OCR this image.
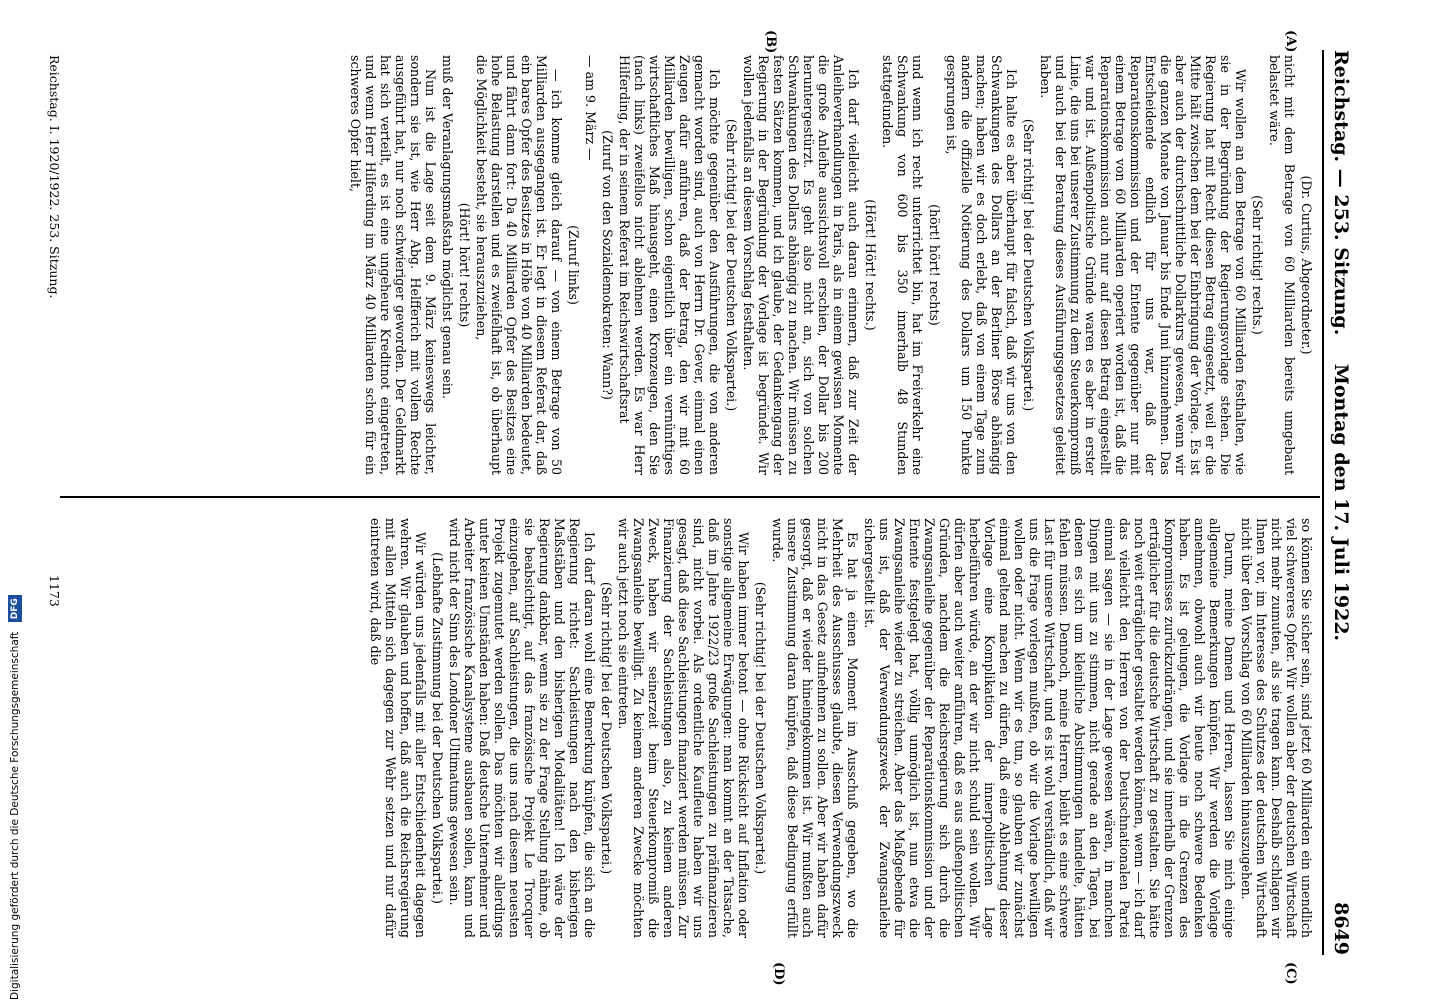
Reichstag. — 253. Sitzung.
Montag den 17. Juli 1922.
8649
(A)
(B)
(C)
(D)

(Dr. Curtius, Abgeordneter.)

nicht mit dem Betrage von 60 Milliarden bereits umgebaut belastet wäre.

(Sehr richtig! rechts.)

Wir wollen an dem Betrage von 60 Milliarden festhalten, wie sie in der Begründung der Regierungsvorlage stehen. Die Regierung hat mit Recht diesen Betrag eingesetzt, weil er die Mitte hält zwischen dem bei der Einbringung der Vorlage. Es ist aber auch der durchschnittliche Dollarkurs gewesen, wenn wir die ganzen Monate von Januar bis Ende Juni hinzunehmen. Das Entscheidende endlich für uns war, daß der Reparationskommission und der Entente gegenüber nur mit einem Betrage von 60 Milliarden operiert worden ist, daß die Reparationskommission auch nur auf diesen Betrag eingestellt war und ist. Außenpolitische Gründe waren es aber in erster Linie, die uns bei unserer Zustimmung zu dem Steuerkompromiß und auch bei der Beratung dieses Ausführungsgesetzes geleitet haben.

(Sehr richtig! bei der Deutschen Volkspartei.)

Ich halte es aber überhaupt für falsch, daß wir uns von den Schwankungen des Dollars an der Berliner Börse abhängig machen; haben wir es doch erlebt, daß von einem Tage zum andern die offizielle Notierung des Dollars um 150 Punkte gesprungen ist,

(hört! hört! rechts)

und wenn ich recht unterrichtet bin, hat im Freiverkehr eine Schwankung von 600 bis 350 innerhalb 48 Stunden stattgefunden.

(Hört! Hört! rechts.)

Ich darf vielleicht auch daran erinnern, daß zur Zeit der Anleiheverhandlungen in Paris, als in einem gewissen Momente die große Anleihe aussichtsvoll erschien, der Dollar bis 200 heruntergestürzt. Es geht also nicht an, sich von solchen Schwankungen des Dollars abhängig zu machen. Wir müssen zu festen Sätzen kommen, und ich glaube, der Gedankengang der Regierung in der Begründung der Vorlage ist begründet. Wir wollen jedenfalls an diesem Vorschlag festhalten.

(Sehr richtig! bei der Deutschen Volkspartei.)

Ich möchte gegenüber den Ausführungen, die von anderen gemacht worden sind, auch von Herrn Dr. Gever, einmal einen Zeugen dafür anführen, daß der Betrag, den wir mit 60 Milliarden bewilligen, schon eigentlich über ein vernünftiges wirtschaftliches Maß hinausgeht, einen Kronzeugen, den Sie (nach links) zweifellos nicht ablehnen werden. Es war Herr Hilferding, der in seinem Referat im Reichswirtschaftsrat

(Zuruf von den Sozialdemokraten: Wann?)

— am 9. März —

(Zuruf links)

— ich komme gleich darauf — von einem Betrage von 50 Milliarden ausgegangen ist. Er legt in diesem Referat dar, daß ein bares Opfer des Besitzes in Höhe von 40 Milliarden bedeutet, und fährt dann fort: Da 40 Milliarden Opfer des Besitzes eine hohe Belastung darstellen und es zweifelhaft ist, ob überhaupt die Möglichkeit besteht, sie herauszuziehen,

(Hört! hört! rechts)

muß der Veranlagungsmaßstab möglichst genau sein.

Nun ist die Lage seit dem 9. März keineswegs leichter, sondern sie ist, wie Herr Abg. Helfferich mit vollem Rechte ausgeführt hat, nur noch schwieriger geworden. Der Geldmarkt hat sich verteilt, es ist eine ungeheure Kreditnot eingetreten, und wenn Herr Hilferding im März 40 Milliarden schon für ein schweres Opfer hielt,

so können Sie sicher sein, sind jetzt 60 Milliarden ein unendlich viel schwereres Opfer. Wir wollen aber der deutschen Wirtschaft nicht mehr zumuten, als sie tragen kann. Deshalb schlagen wir Ihnen vor, im Interesse des Schutzes der deutschen Wirtschaft nicht über den Vorschlag von 60 Milliarden hinauszugehen.

Darum, meine Damen und Herren, lassen Sie mich einige allgemeine Bemerkungen knüpfen. Wir werden die Vorlage annehmen, obwohl auch wir heute noch schwere Bedenken haben. Es ist gelungen, die Vorlage in die Grenzen des Kompromisses zurückzudrängen, und sie innerhalb der Grenzen erträglicher für die deutsche Wirtschaft zu gestalten. Sie hätte noch weit erträglicher gestaltet werden können, wenn — ich darf das vielleicht den Herren von der Deutschnationalen Partei einmal sagen — sie in der Lage gewesen wären, in manchen Dingen mit uns zu stimmen, nicht gerade an den Tagen, bei denen es sich um kleinliche Abstimmungen handelte, hätten fehlen müssen. Dennoch, meine Herren, bleibt es eine schwere Last für unsere Wirtschaft, und es ist wohl verständlich, daß wir uns die Frage vorlegen mußten, ob wir die Vorlage bewilligen wollen oder nicht. Wenn wir es tun, so glauben wir zunächst einmal geltend machen zu dürfen, daß eine Ablehnung dieser Vorlage eine Komplikation der innerpolitischen Lage herbeiführen würde, an der wir nicht schuld sein wollen. Wir dürfen aber auch weiter anführen, daß es aus außenpolitischen Gründen, nachdem die Reichsregierung sich durch die Zwangsanleihe gegenüber der Reparationskommission und der Entente festgelegt hat, völlig unmöglich ist, nun etwa die Zwangsanleihe wieder zu streichen. Aber das Maßgebende für uns ist, daß der Verwendungszweck der Zwangsanleihe sichergestellt ist.

Es hat ja einen Moment im Ausschuß gegeben, wo die Mehrheit des Ausschusses glaubte, diesen Verwendungszweck nicht in das Gesetz aufnehmen zu sollen. Aber wir haben dafür gesorgt, daß er wieder hineingekommen ist. Wir mußten auch unsere Zustimmung daran knüpfen, daß diese Bedingung erfüllt wurde.

(Sehr richtig! bei der Deutschen Volkspartei.)

Wir haben immer betont — ohne Rücksicht auf Inflation oder sonstige allgemeine Erwägungen: man kommt an der Tatsache, daß im Jahre 1922/23 große Sachleistungen zu präfinanzieren sind, nicht vorbei. Als ordentliche Kaufleute haben wir uns gesagt, daß diese Sachleistungen finanziert werden müssen. Zur Finanzierung der Sachleistungen also, zu keinem anderen Zweck, haben wir seinerzeit beim Steuerkompromiß die Zwangsanleihe bewilligt. Zu keinem anderen Zwecke möchten wir auch jetzt noch sie eintreten.

(Sehr richtig! bei der Deutschen Volkspartei.)

Ich darf daran wohl eine Bemerkung knüpfen, die sich an die Regierung richtet: Sachleistungen nach den bisherigen Maßstäben und den bisherigen Modalitäten! Ich wäre der Regierung dankbar, wenn sie zu der Frage Stellung nähme, ob sie beabsichtigt, auf das französische Projekt Le Trocquer einzugehen, auf Sachleistungen, die uns nach diesem neuesten Projekt zugemutet werden sollen. Das möchten wir allerdings unter keinen Umständen haben: Daß deutsche Unternehmer und Arbeiter französische Kanalsysteme ausbauen sollen, kann und wird nicht der Sinn des Londoner Ultimatums gewesen sein.

(Lebhafte Zustimmung bei der Deutschen Volkspartei.)

Wir würden uns jedenfalls mit aller Entschiedenheit dagegen wehren. Wir glauben und hoffen, daß auch die Reichsregierung mit allen Mitteln sich dagegen zur Wehr setzen und nur dafür eintreten wird, daß die

Reichstag. I. 1920/1922. 253. Sitzung.
1173
Digitalisierung gefördert durch die Deutsche Forschungsgemeinschaft DFG
